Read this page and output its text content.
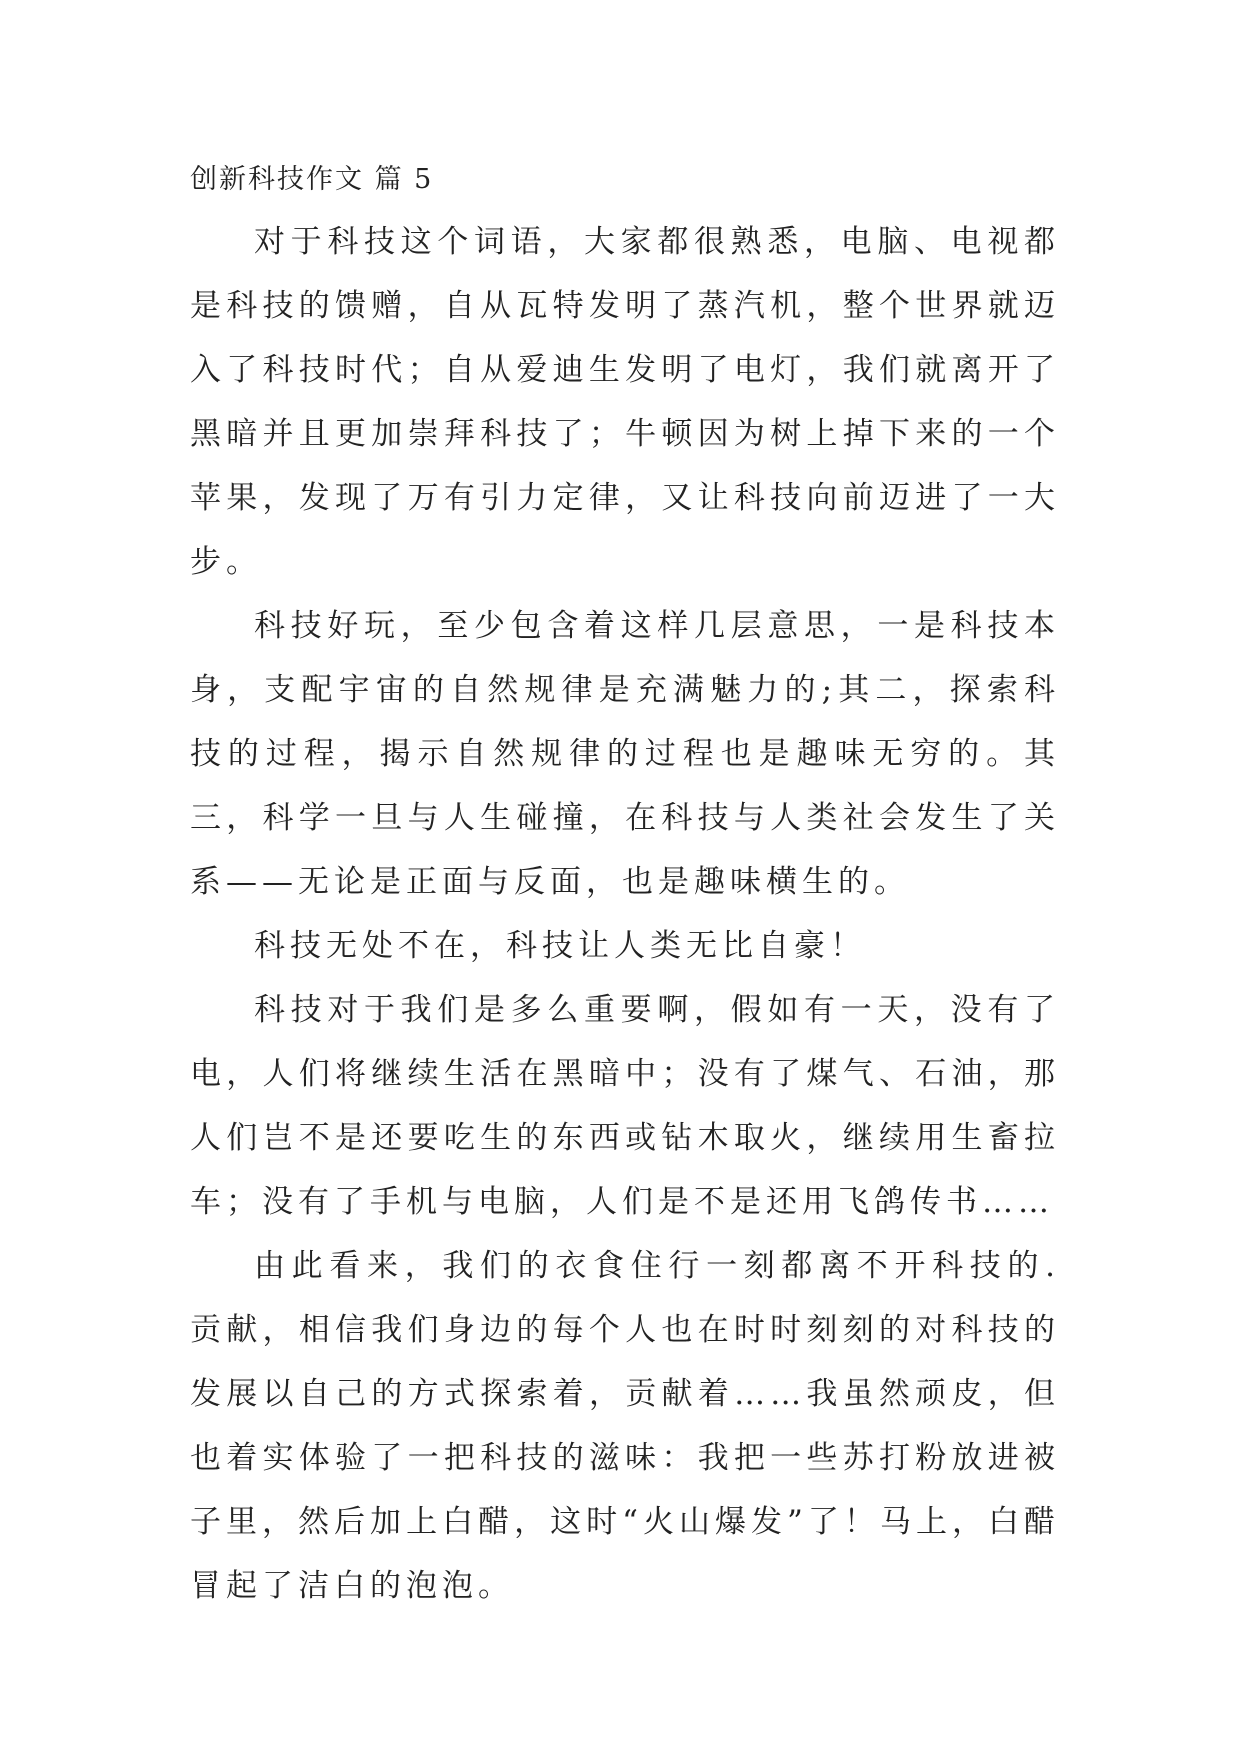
创新科技作文 篇 5

对于科技这个词语，大家都很熟悉，电脑、电视都是科技的馈赠，自从瓦特发明了蒸汽机，整个世界就迈入了科技时代；自从爱迪生发明了电灯，我们就离开了黑暗并且更加崇拜科技了；牛顿因为树上掉下来的一个苹果，发现了万有引力定律，又让科技向前迈进了一大步。

科技好玩，至少包含着这样几层意思，一是科技本身，支配宇宙的自然规律是充满魅力的;其二，探索科技的过程，揭示自然规律的过程也是趣味无穷的。其三，科学一旦与人生碰撞，在科技与人类社会发生了关系——无论是正面与反面，也是趣味横生的。

科技无处不在，科技让人类无比自豪！

科技对于我们是多么重要啊，假如有一天，没有了电，人们将继续生活在黑暗中；没有了煤气、石油，那人们岂不是还要吃生的东西或钻木取火，继续用生畜拉车；没有了手机与电脑，人们是不是还用飞鸽传书……

由此看来，我们的衣食住行一刻都离不开科技的.贡献，相信我们身边的每个人也在时时刻刻的对科技的发展以自己的方式探索着，贡献着……我虽然顽皮，但也着实体验了一把科技的滋味：我把一些苏打粉放进被子里，然后加上白醋，这时“火山爆发”了！马上，白醋冒起了洁白的泡泡。
